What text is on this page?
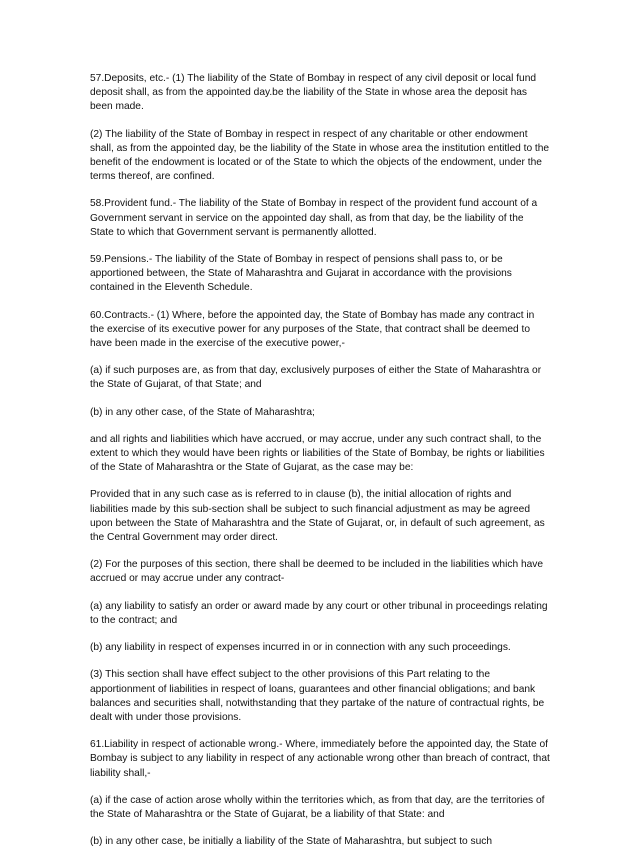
57.Deposits, etc.- (1) The liability of the State of Bombay in respect of any civil deposit or local fund deposit shall, as from the appointed day.be the liability of the State in whose area the deposit has been made.

(2) The liability of the State of Bombay in respect in respect of any charitable or other endowment shall, as from the appointed day, be the liability of the State in whose area the institution entitled to the benefit of the endowment is located or of the State to which the objects of the endowment, under the terms thereof, are confined.

58.Provident fund.- The liability of the State of Bombay in respect of the provident fund account of a Government servant in service on the appointed day shall, as from that day, be the liability of the State to which that Government servant is permanently allotted.

59.Pensions.- The liability of the State of Bombay in respect of pensions shall pass to, or be apportioned between, the State of Maharashtra and Gujarat in accordance with the provisions contained in the Eleventh Schedule.

60.Contracts.- (1) Where, before the appointed day, the State of Bombay has made any contract in the exercise of its executive power for any purposes of the State, that contract shall be deemed to have been made in the exercise of the executive power,-

(a) if such purposes are, as from that day, exclusively purposes of either the State of Maharashtra or the State of Gujarat, of that State; and

(b) in any other case, of the State of Maharashtra;

and all rights and liabilities which have accrued, or may accrue, under any such contract shall, to the extent to which they would have been rights or liabilities of the State of Bombay, be rights or liabilities of the State of Maharashtra or the State of Gujarat, as the case may be:

Provided that in any such case as is referred to in clause (b), the initial allocation of rights and liabilities made by this sub-section shall be subject to such financial adjustment as may be agreed upon between the State of Maharashtra and the State of Gujarat, or, in default of such agreement, as the Central Government may order direct.

(2) For the purposes of this section, there shall be deemed to be included in the liabilities which have accrued or may accrue under any contract-

(a) any liability to satisfy an order or award made by any court or other tribunal in proceedings relating to the contract; and

(b) any liability in respect of expenses incurred in or in connection with any such proceedings.

(3) This section shall have effect subject to the other provisions of this Part relating to the apportionment of liabilities in respect of loans, guarantees and other financial obligations; and bank balances and securities shall, notwithstanding that they partake of the nature of contractual rights, be dealt with under those provisions.

61.Liability in respect of actionable wrong.- Where, immediately before the appointed day, the State of Bombay is subject to any liability in respect of any actionable wrong other than breach of contract, that liability shall,-

(a) if the case of action arose wholly within the territories which, as from that day, are the territories of the State of Maharashtra or the State of Gujarat, be a liability of that State: and

(b) in any other case, be initially a liability of the State of Maharashtra, but subject to such
